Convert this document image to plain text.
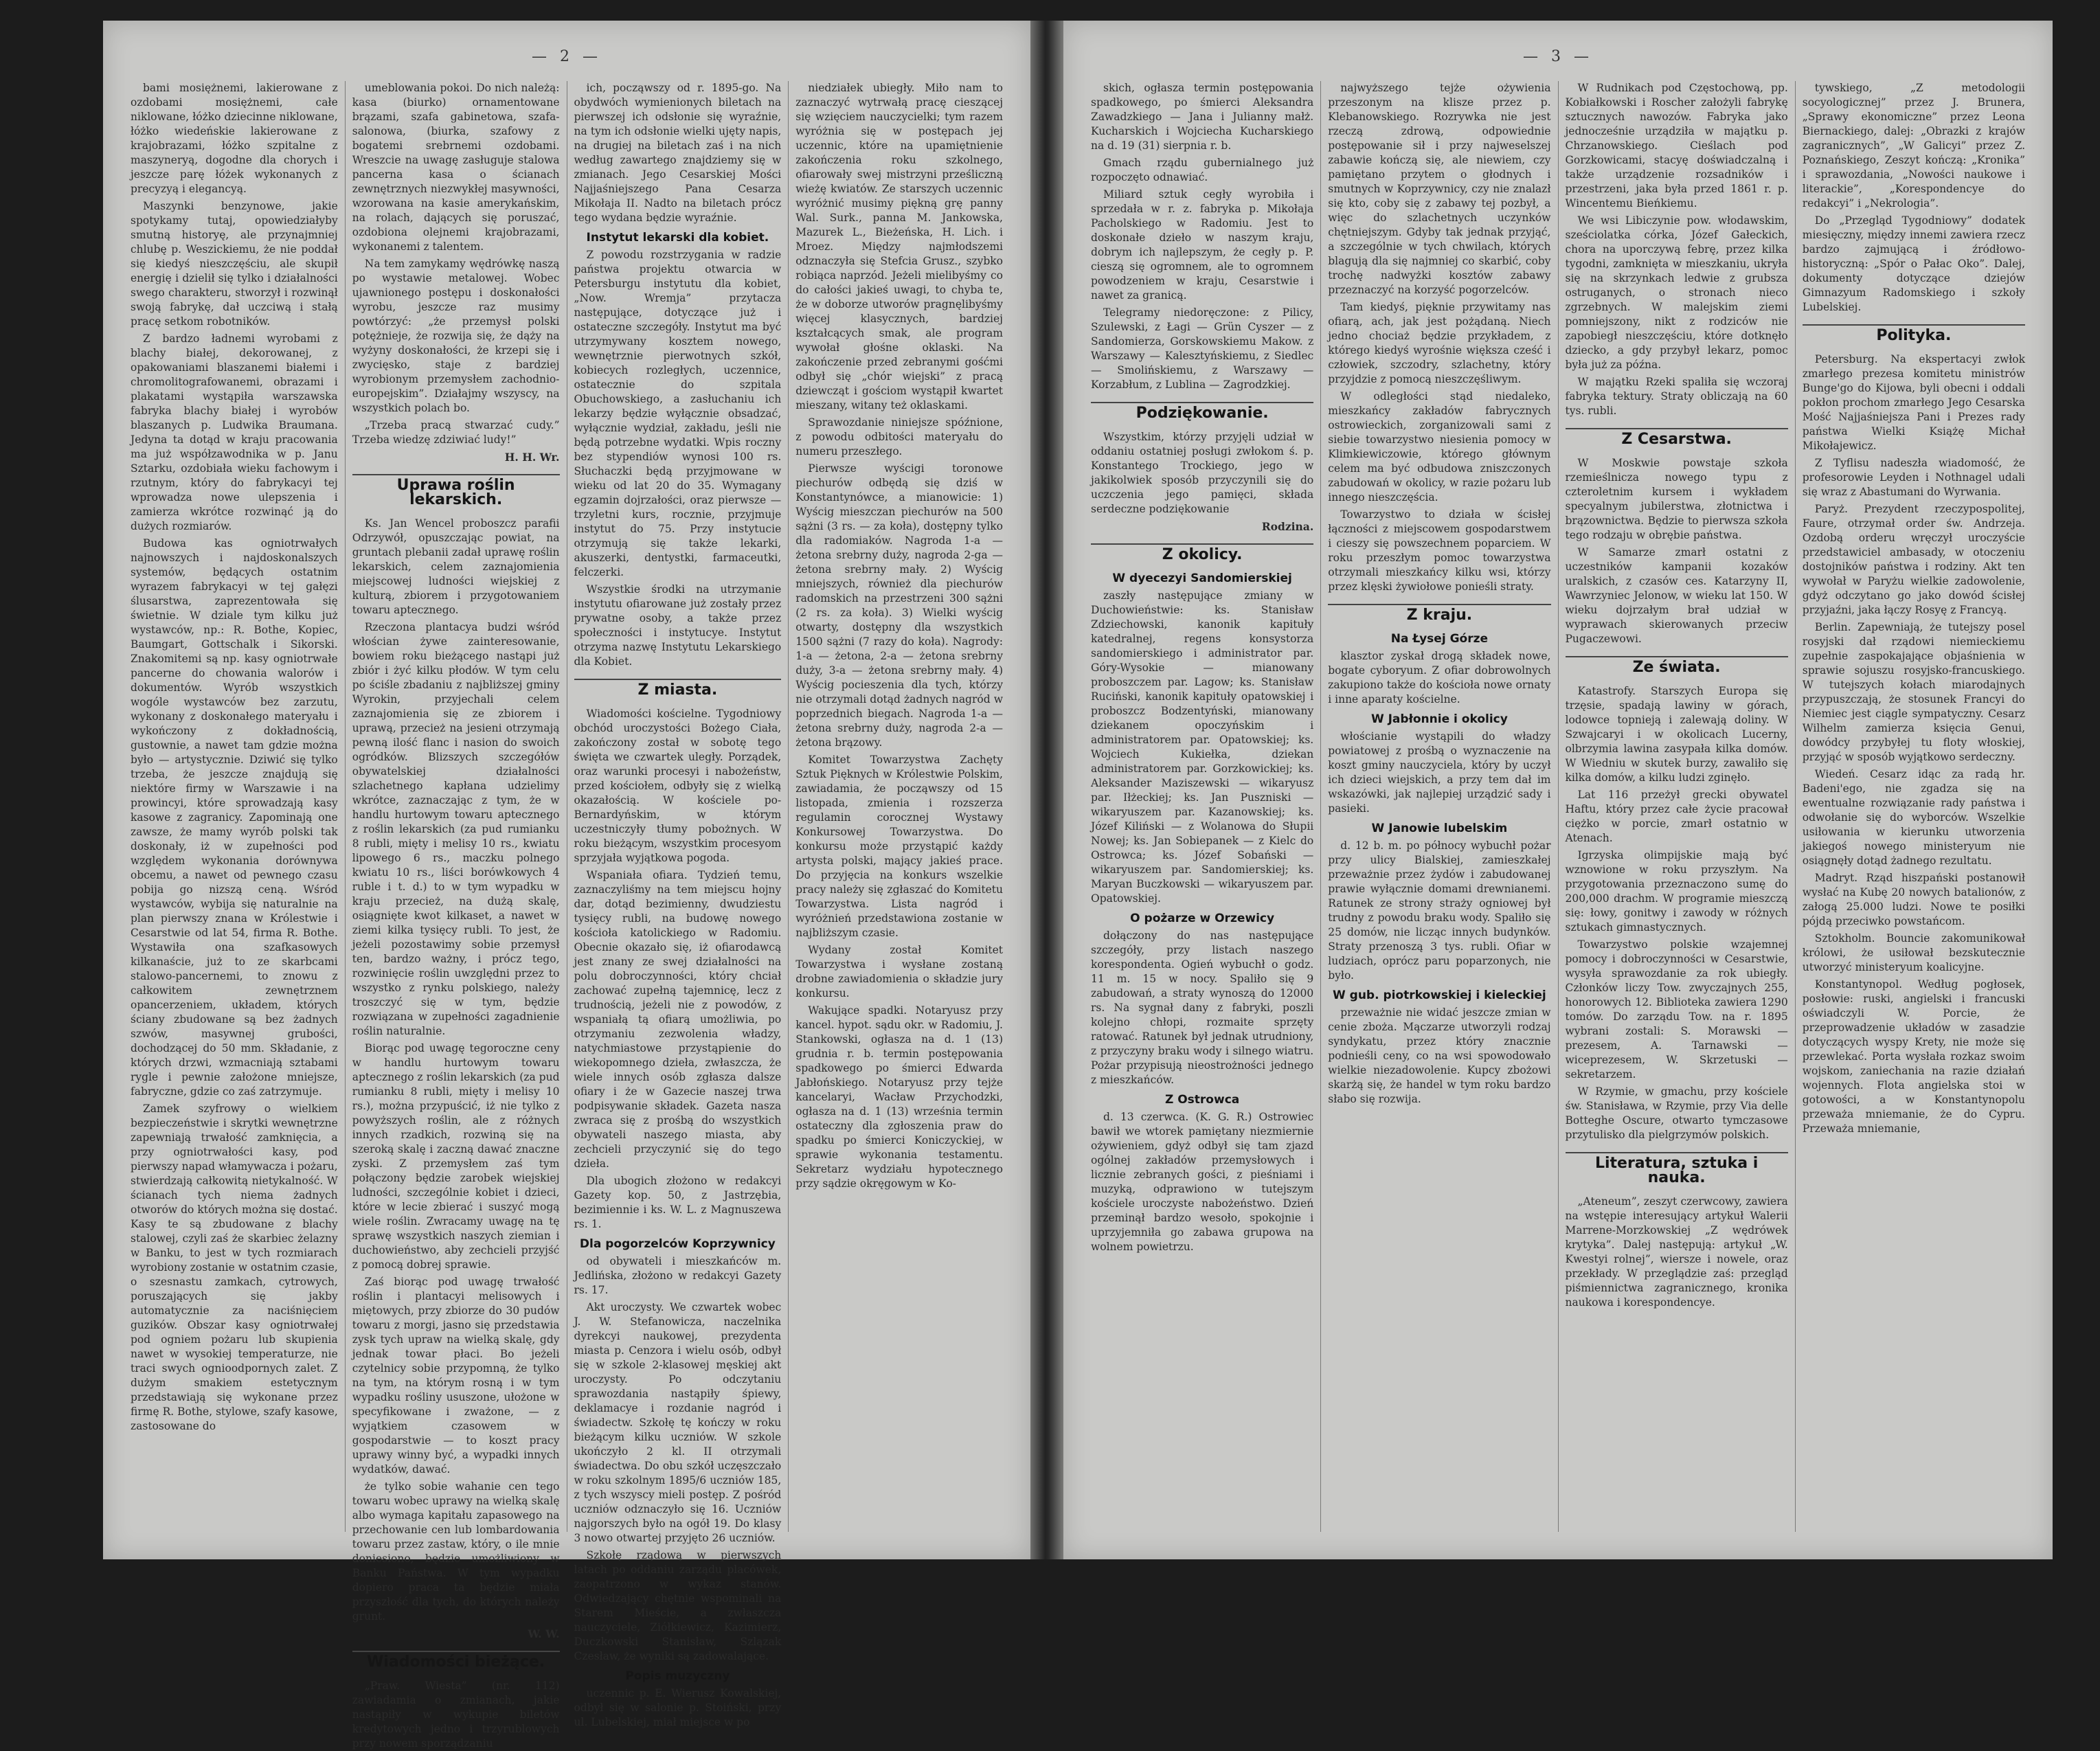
— 2 —

bami mosiężnemi, lakierowane z ozdobami mosiężnemi, całe niklowane, łóżko dziecinne niklowane, łóżko wiedeńskie lakierowane z krajobrazami, łóżko szpitalne z maszyneryą, dogodne dla chorych i jeszcze parę łóżek wykonanych z precyzyą i elegancyą.

Maszynki benzynowe, jakie spotykamy tutaj, opowiedziałyby smutną historyę, ale przynajmniej chlubę p. Weszickiemu, że nie poddał się kiedyś nieszczęściu, ale skupił energię i dzielił się tylko i działalności swego charakteru, stworzył i rozwinął swoją fabrykę, dał uczciwą i stałą pracę setkom robotników.

Z bardzo ładnemi wyrobami z blachy białej, dekorowanej, z opakowaniami blaszanemi białemi i chromolitografowanemi, obrazami i plakatami wystąpiła warszawska fabryka blachy białej i wyrobów blaszanych p. Ludwika Braumana. Jedyna ta dotąd w kraju pracowania ma już współzawodnika w p. Janu Sztarku, ozdobiała wieku fachowym i rzutnym, który do fabrykacyi tej wprowadza nowe ulepszenia i zamierza wkrótce rozwinąć ją do dużych rozmiarów.

Budowa kas ogniotrwałych najnowszych i najdoskonalszych systemów, będących ostatnim wyrazem fabrykacyi w tej gałęzi ślusarstwa, zaprezentowała się świetnie. W dziale tym kilku już wystawców, np.: R. Bothe, Kopiec, Baumgart, Gottschalk i Sikorski. Znakomitemi są np. kasy ogniotrwałe pancerne do chowania walorów i dokumentów. Wyrób wszystkich wogóle wystawców bez zarzutu, wykonany z doskonałego materyału i wykończony z dokładnością, gustownie, a nawet tam gdzie można było — artystycznie. Dziwić się tylko trzeba, że jeszcze znajdują się niektóre firmy w Warszawie i na prowincyi, które sprowadzają kasy kasowe z zagranicy. Zapominają one zawsze, że mamy wyrób polski tak doskonały, iż w zupełności pod względem wykonania dorównywa obcemu, a nawet od pewnego czasu pobija go nizszą ceną. Wśród wystawców, wybija się naturalnie na plan pierwszy znana w Królestwie i Cesarstwie od lat 54, firma R. Bothe. Wystawiła ona szafkasowych kilkanaście, już to ze skarbcami stalowo-pancernemi, to znowu z całkowitem zewnętrznem opancerzeniem, układem, których ściany zbudowane są bez żadnych szwów, masywnej grubości, dochodzącej do 50 mm. Składanie, z których drzwi, wzmacniają sztabami rygle i pewnie założone mniejsze, fabryczne, gdzie co zaś zatrzymuje.

Zamek szyfrowy o wielkiem bezpieczeństwie i skrytki wewnętrzne zapewniają trwałość zamknięcia, a przy ogniotrwałości kasy, pod pierwszy napad włamywacza i pożaru, stwierdzają całkowitą nietykalność. W ścianach tych niema żadnych otworów do których można się dostać. Kasy te są zbudowane z blachy stalowej, czyli zaś że skarbiec żelazny w Banku, to jest w tych rozmiarach wyrobiony zostanie w ostatnim czasie, o szesnastu zamkach, cytrowych, poruszających się jakby automatycznie za naciśnięciem guzików. Obszar kasy ogniotrwałej pod ogniem pożaru lub skupienia nawet w wysokiej temperaturze, nie traci swych ognioodpornych zalet. Z dużym smakiem estetycznym przedstawiają się wykonane przez firmę R. Bothe, stylowe, szafy kasowe, zastosowane do

umeblowania pokoi. Do nich należą: kasa (biurko) ornamentowane brązami, szafa gabinetowa, szafa-salonowa, (biurka, szafowy z bogatemi srebrnemi ozdobami. Wreszcie na uwagę zasługuje stalowa pancerna kasa o ścianach zewnętrznych niezwykłej masywności, wzorowana na kasie amerykańskim, na rolach, dających się poruszać, ozdobiona olejnemi krajobrazami, wykonanemi z talentem.

Na tem zamykamy wędrówkę naszą po wystawie metalowej. Wobec ujawnionego postępu i doskonałości wyrobu, jeszcze raz musimy powtórzyć: „że przemysł polski potężnieje, że rozwija się, że dąży na wyżyny doskonałości, że krzepi się i zwycięsko, staje z bardziej wyrobionym przemysłem zachodnio-europejskim”. Działajmy wszyscy, na wszystkich polach bo.

„Trzeba pracą stwarzać cudy.” Trzeba wiedzę zdziwiać ludy!”

H. H. Wr.

Uprawa roślin lekarskich.

Ks. Jan Wencel proboszcz parafii Odrzywół, opuszczając powiat, na gruntach plebanii zadał uprawę roślin lekarskich, celem zaznajomienia miejscowej ludności wiejskiej z kulturą, zbiorem i przygotowaniem towaru aptecznego.

Rzeczona plantacya budzi wśród włościan żywe zainteresowanie, bowiem roku bieżącego nastąpi już zbiór i żyć kilku płodów. W tym celu po ściśle zbadaniu z najbliższej gminy Wyrokin, przyjechali celem zaznajomienia się ze zbiorem i uprawą, przecież na jesieni otrzymają pewną ilość flanc i nasion do swoich ogródków. Blizszych szczegółów obywatelskiej działalności szlachetnego kapłana udzielimy wkrótce, zaznaczając z tym, że w handlu hurtowym towaru aptecznego z roślin lekarskich (za pud rumianku 8 rubli, mięty i melisy 10 rs., kwiatu lipowego 6 rs., maczku polnego kwiatu 10 rs., liści borówkowych 4 ruble i t. d.) to w tym wypadku w kraju przecież, na dużą skalę, osiągnięte kwot kilkaset, a nawet w ziemi kilka tysięcy rubli. To jest, że jeżeli pozostawimy sobie przemysł ten, bardzo ważny, i prócz tego, rozwinięcie roślin uwzględni przez to wszystko z rynku polskiego, należy troszczyć się w tym, będzie rozwiązana w zupełności zagadnienie roślin naturalnie.

Biorąc pod uwagę tegoroczne ceny w handlu hurtowym towaru aptecznego z roślin lekarskich (za pud rumianku 8 rubli, mięty i melisy 10 rs.), można przypuścić, iż nie tylko z powyższych roślin, ale z różnych innych rzadkich, rozwiną się na szeroką skalę i zaczną dawać znaczne zyski. Z przemysłem zaś tym połączony będzie zarobek wiejskiej ludności, szczególnie kobiet i dzieci, które w lecie zbierać i suszyć mogą wiele roślin. Zwracamy uwagę na tę sprawę wszystkich naszych ziemian i duchowieństwo, aby zechcieli przyjść z pomocą dobrej sprawie.

Zaś biorąc pod uwagę trwałość roślin i plantacyi melisowych i miętowych, przy zbiorze do 30 pudów towaru z morgi, jasno się przedstawia zysk tych upraw na wielką skalę, gdy jednak towar płaci. Bo jeżeli czytelnicy sobie przypomną, że tylko na tym, na którym rosną i w tym wypadku rośliny ususzone, ułożone w specyfikowane i zważone, — z wyjątkiem czasowem w gospodarstwie — to koszt pracy uprawy winny być, a wypadki innych wydatków, dawać.

że tylko sobie wahanie cen tego towaru wobec uprawy na wielką skalę albo wymaga kapitału zapasowego na przechowanie cen lub lombardowania towaru przez zastaw, który, o ile mnie doniesiono, będzie umożliwiony w Banku Państwa. W tym wypadku dopiero praca ta będzie miała przyszłość dla tych, do których należy grunt.

W. W.

Wiadomości bieżące.

„Praw. Wiesta” (nr. 112) zawiadamia o zmianach, jakie nastąpiły w wykupie biletów kredytowych jedno i trzyrublowych przy nowem sporządzaniu

ich, począwszy od r. 1895-go. Na obydwóch wymienionych biletach na pierwszej ich odsłonie się wyraźnie, na tym ich odsłonie wielki ujęty napis, na drugiej na biletach zaś i na nich według zawartego znajdziemy się w zmianach. Jego Cesarskiej Mości Najjaśniejszego Pana Cesarza Mikołaja II. Nadto na biletach prócz tego wydana będzie wyraźnie.

Instytut lekarski dla kobiet.

Z powodu rozstrzygania w radzie państwa projektu otwarcia w Petersburgu instytutu dla kobiet, „Now. Wremja” przytacza następujące, dotyczące już i ostateczne szczegóły. Instytut ma być utrzymywany kosztem nowego, wewnętrznie pierwotnych szkół, kobiecych rozległych, uczennice, ostatecznie do szpitala Obuchowskiego, a zasłuchaniu ich lekarzy będzie wyłącznie obsadzać, wyłącznie wydział, zakładu, jeśli nie będą potrzebne wydatki. Wpis roczny bez stypendiów wynosi 100 rs. Słuchaczki będą przyjmowane w wieku od lat 20 do 35. Wymagany egzamin dojrzałości, oraz pierwsze — trzyletni kurs, rocznie, przyjmuje instytut do 75. Przy instytucie otrzymują się także lekarki, akuszerki, dentystki, farmaceutki, felczerki.

Wszystkie środki na utrzymanie instytutu ofiarowane już zostały przez prywatne osoby, a także przez społeczności i instytucye. Instytut otrzyma nazwę Instytutu Lekarskiego dla Kobiet.

Z miasta.

Wiadomości kościelne. Tygodniowy obchód uroczystości Bożego Ciała, zakończony został w sobotę tego święta we czwartek uległy. Porządek, oraz warunki procesyi i nabożeństw, przed kościołem, odbyły się z wielką okazałością. W kościele po-Bernardyńskim, w którym uczestniczyły tłumy pobożnych. W roku bieżącym, wszystkim procesyom sprzyjała wyjątkowa pogoda.

Wspaniała ofiara. Tydzień temu, zaznaczyliśmy na tem miejscu hojny dar, dotąd bezimienny, dwudziestu tysięcy rubli, na budowę nowego kościoła katolickiego w Radomiu. Obecnie okazało się, iż ofiarodawcą jest znany ze swej działalności na polu dobroczynności, który chciał zachować zupełną tajemnicę, lecz z trudnością, jeżeli nie z powodów, z wspaniałą tą ofiarą umożliwia, po otrzymaniu zezwolenia władzy, natychmiastowe przystąpienie do wiekopomnego dzieła, zwłaszcza, że wiele innych osób zgłasza dalsze ofiary i że w Gazecie naszej trwa podpisywanie składek. Gazeta nasza zwraca się z prośbą do wszystkich obywateli naszego miasta, aby zechcieli przyczynić się do tego dzieła.

Dla ubogich złożono w redakcyi Gazety kop. 50, z Jastrzębia, bezimiennie i ks. W. L. z Magnuszewa rs. 1.

Dla pogorzelców Koprzywnicy

od obywateli i mieszkańców m. Jedlińska, złożono w redakcyi Gazety rs. 17.

Akt uroczysty. We czwartek wobec J. W. Stefanowicza, naczelnika dyrekcyi naukowej, prezydenta miasta p. Cenzora i wielu osób, odbył się w szkole 2-klasowej męskiej akt uroczysty. Po odczytaniu sprawozdania nastąpiły śpiewy, deklamacye i rozdanie nagród i świadectw. Szkołę tę kończy w roku bieżącym kilku uczniów. W szkole ukończyło 2 kl. II otrzymali świadectwa. Do obu szkół uczęszczało w roku szkolnym 1895/6 uczniów 185, z tych wszyscy mieli postęp. Z pośród uczniów odznaczyło się 16. Uczniów najgorszych było na ogół 19. Do klasy 3 nowo otwartej przyjęto 26 uczniów.

Szkołę rządową w pierwszych latach po oddaniu zarządu placówek, zaopatrzono w wykaz stanów. Odwiedzający chętnie wspominali na Starem Mieście, a zwłaszcza nauczyciele, Ziółkiewicz, Kazimierz, Duczkowski Stanisław, Szlązak Czesław, że wyniki są zadowalające.

Popis muzyczny

uczennic p. E. Wierusz Kowalskiej, odbył się w salonie p. Stoiński, przy ul. Lubelskiej, miał miejsce w po

niedziałek ubiegły. Miło nam to zaznaczyć wytrwałą pracę cieszącej się wzięciem nauczycielki; tym razem wyróżnia się w postępach jej uczennic, które na upamiętnienie zakończenia roku szkolnego, ofiarowały swej mistrzyni prześliczną wieżę kwiatów. Ze starszych uczennic wyróżnić musimy piękną grę panny Wal. Surk., panna M. Jankowska, Mazurek L., Bieżeńska, H. Lich. i Mroez. Między najmłodszemi odznaczyła się Stefcia Grusz., szybko robiąca naprzód. Jeżeli mielibyśmy co do całości jakieś uwagi, to chyba te, że w doborze utworów pragnęlibyśmy więcej klasycznych, bardziej kształcących smak, ale program wywołał głośne oklaski. Na zakończenie przed zebranymi gośćmi odbył się „chór wiejski” z pracą dziewcząt i gościom wystąpił kwartet mieszany, witany też oklaskami.

Sprawozdanie niniejsze spóźnione, z powodu odbitości materyału do numeru przeszłego.

Pierwsze wyścigi toronowe piechurów odbędą się dziś w Konstantynówce, a mianowicie: 1) Wyścig mieszczan piechurów na 500 sążni (3 rs. — za koła), dostępny tylko dla radomiaków. Nagroda 1-a — żetona srebrny duży, nagroda 2-ga — żetona srebrny mały. 2) Wyścig mniejszych, również dla piechurów radomskich na przestrzeni 300 sążni (2 rs. za koła). 3) Wielki wyścig otwarty, dostępny dla wszystkich 1500 sążni (7 razy do koła). Nagrody: 1-a — żetona, 2-a — żetona srebrny duży, 3-a — żetona srebrny mały. 4) Wyścig pocieszenia dla tych, którzy nie otrzymali dotąd żadnych nagród w poprzednich biegach. Nagroda 1-a — żetona srebrny duży, nagroda 2-a — żetona brązowy.

Komitet Towarzystwa Zachęty Sztuk Pięknych w Królestwie Polskim, zawiadamia, że począwszy od 15 listopada, zmienia i rozszerza regulamin corocznej Wystawy Konkursowej Towarzystwa. Do konkursu może przystąpić każdy artysta polski, mający jakieś prace. Do przyjęcia na konkurs wszelkie pracy należy się zgłaszać do Komitetu Towarzystwa. Lista nagród i wyróżnień przedstawiona zostanie w najbliższym czasie.

Wydany został Komitet Towarzystwa i wysłane zostaną drobne zawiadomienia o składzie jury konkursu.

Wakujące spadki. Notaryusz przy kancel. hypot. sądu okr. w Radomiu, J. Stankowski, ogłasza na d. 1 (13) grudnia r. b. termin postępowania spadkowego po śmierci Edwarda Jabłońskiego. Notaryusz przy tejże kancelaryi, Wacław Przychodzki, ogłasza na d. 1 (13) września termin ostateczny dla zgłoszenia praw do spadku po śmierci Koniczyckiej, w sprawie wykonania testamentu. Sekretarz wydziału hypotecznego przy sądzie okręgowym w Ko-

— 3 —

skich, ogłasza termin postępowania spadkowego, po śmierci Aleksandra Zawadzkiego — Jana i Julianny małż. Kucharskich i Wojciecha Kucharskiego na d. 19 (31) sierpnia r. b.

Gmach rządu gubernialnego już rozpoczęto odnawiać.

Miliard sztuk cegły wyrobiła i sprzedała w r. z. fabryka p. Mikołaja Pacholskiego w Radomiu. Jest to doskonałe dzieło w naszym kraju, dobrym ich najlepszym, że cegły p. P. cieszą się ogromnem, ale to ogromnem powodzeniem w kraju, Cesarstwie i nawet za granicą.

Telegramy niedoręczone: z Pilicy, Szulewski, z Łagi — Grün Cyszer — z Sandomierza, Gorskowskiemu Makow. z Warszawy — Kalesztyńskiemu, z Siedlec — Smolińskiemu, z Warszawy — Korzabłum, z Lublina — Zagrodzkiej.

Podziękowanie.

Wszystkim, którzy przyjęli udział w oddaniu ostatniej posługi zwłokom ś. p. Konstantego Trockiego, jego w jakikolwiek sposób przyczynili się do uczczenia jego pamięci, składa serdeczne podziękowanie

Rodzina.

Z okolicy.
W dyecezyi Sandomierskiej

zaszły następujące zmiany w Duchowieństwie: ks. Stanisław Zdziechowski, kanonik kapituły katedralnej, regens konsystorza sandomierskiego i administrator par. Góry-Wysokie — mianowany proboszczem par. Lagow; ks. Stanisław Ruciński, kanonik kapituły opatowskiej i proboszcz Bodzentyński, mianowany dziekanem opoczyńskim i administratorem par. Opatowskiej; ks. Wojciech Kukiełka, dziekan administratorem par. Gorzkowickiej; ks. Aleksander Maziszewski — wikaryusz par. Iłżeckiej; ks. Jan Puszniski — wikaryuszem par. Kazanowskiej; ks. Józef Kiliński — z Wolanowa do Słupii Nowej; ks. Jan Sobiepanek — z Kielc do Ostrowca; ks. Józef Sobański — wikaryuszem par. Sandomierskiej; ks. Maryan Buczkowski — wikaryuszem par. Opatowskiej.

O pożarze w Orzewicy

dołączony do nas następujące szczegóły, przy listach naszego korespondenta. Ogień wybuchł o godz. 11 m. 15 w nocy. Spaliło się 9 zabudowań, a straty wynoszą do 12000 rs. Na sygnał dany z fabryki, poszli kolejno chłopi, rozmaite sprzęty ratować. Ratunek był jednak utrudniony, z przyczyny braku wody i silnego wiatru. Pożar przypisują nieostrożności jednego z mieszkańców.

Z Ostrowca

d. 13 czerwca. (K. G. R.) Ostrowiec bawił we wtorek pamiętany niezmiernie ożywieniem, gdyż odbył się tam zjazd ogólnej zakładów przemysłowych i licznie zebranych gości, z pieśniami i muzyką, odprawiono w tutejszym kościele uroczyste nabożeństwo. Dzień przeminął bardzo wesoło, spokojnie i uprzyjemniła go zabawa grupowa na wolnem powietrzu.

najwyższego tejże ożywienia przeszonym na klisze przez p. Klebanowskiego. Rozrywka nie jest rzeczą zdrową, odpowiednie postępowanie sił i przy najweselszej zabawie kończą się, ale niewiem, czy pamiętano przytem o głodnych i smutnych w Koprzywnicy, czy nie znalazł się kto, coby się z zabawy tej pozbył, a więc do szlachetnych uczynków chętniejszym. Gdyby tak jednak przyjąć, a szczególnie w tych chwilach, których blagują dla się najmniej co skarbić, coby trochę nadwyżki kosztów zabawy przeznaczyć na korzyść pogorzelców.

Tam kiedyś, pięknie przywitamy nas ofiarą, ach, jak jest pożądaną. Niech jedno chociaż będzie przykładem, z którego kiedyś wyrośnie większa cześć i człowiek, szczodry, szlachetny, który przyjdzie z pomocą nieszczęśliwym.

W odległości stąd niedaleko, mieszkańcy zakładów fabrycznych ostrowieckich, zorganizowali sami z siebie towarzystwo niesienia pomocy w Klimkiewiczowie, którego głównym celem ma być odbudowa zniszczonych zabudowań w okolicy, w razie pożaru lub innego nieszczęścia.

Towarzystwo to działa w ścisłej łączności z miejscowem gospodarstwem i cieszy się powszechnem poparciem. W roku przeszłym pomoc towarzystwa otrzymali mieszkańcy kilku wsi, którzy przez klęski żywiołowe ponieśli straty.

Z kraju.
Na Łysej Górze

klasztor zyskał drogą składek nowe, bogate cyboryum. Z ofiar dobrowolnych zakupiono także do kościoła nowe ornaty i inne aparaty kościelne.

W Jabłonnie i okolicy

włościanie wystąpili do władzy powiatowej z prośbą o wyznaczenie na koszt gminy nauczyciela, który by uczył ich dzieci wiejskich, a przy tem dał im wskazówki, jak najlepiej urządzić sady i pasieki.

W Janowie lubelskim

d. 12 b. m. po północy wybuchł pożar przy ulicy Bialskiej, zamieszkałej przeważnie przez żydów i zabudowanej prawie wyłącznie domami drewnianemi. Ratunek ze strony straży ogniowej był trudny z powodu braku wody. Spaliło się 25 domów, nie licząc innych budynków. Straty przenoszą 3 tys. rubli. Ofiar w ludziach, oprócz paru poparzonych, nie było.

W gub. piotrkowskiej i kieleckiej

przeważnie nie widać jeszcze zmian w cenie zboża. Mączarze utworzyli rodzaj syndykatu, przez który znacznie podnieśli ceny, co na wsi spowodowało wielkie niezadowolenie. Kupcy zbożowi skarżą się, że handel w tym roku bardzo słabo się rozwija.

W Rudnikach pod Częstochową, pp. Kobiałkowski i Roscher założyli fabrykę sztucznych nawozów. Fabryka jako jednocześnie urządziła w majątku p. Chrzanowskiego. Cieślach pod Gorzkowicami, stacyę doświadczalną i także urządzenie rozsadników i przestrzeni, jaka była przed 1861 r. p. Wincentemu Bieńkiemu.

We wsi Libiczynie pow. włodawskim, sześciolatka córka, Józef Gałeckich, chora na uporczywą febrę, przez kilka tygodni, zamknięta w mieszkaniu, ukryła się na skrzynkach ledwie z grubsza ostruganych, o stronach nieco zgrzebnych. W malejskim ziemi pomniejszony, nikt z rodziców nie zapobiegł nieszczęściu, które dotknęło dziecko, a gdy przybył lekarz, pomoc była już za późna.

W majątku Rzeki spaliła się wczoraj fabryka tektury. Straty obliczają na 60 tys. rubli.

Z Cesarstwa.

W Moskwie powstaje szkoła rzemieślnicza nowego typu z czteroletnim kursem i wykładem specyalnym jubilerstwa, złotnictwa i brązownictwa. Będzie to pierwsza szkoła tego rodzaju w obrębie państwa.

W Samarze zmarł ostatni z uczestników kampanii kozaków uralskich, z czasów ces. Katarzyny II, Wawrzyniec Jelonow, w wieku lat 150. W wieku dojrzałym brał udział w wyprawach skierowanych przeciw Pugaczewowi.

Ze świata.

Katastrofy. Starszych Europa się trzęsie, spadają lawiny w górach, lodowce topnieją i zalewają doliny. W Szwajcaryi i w okolicach Lucerny, olbrzymia lawina zasypała kilka domów. W Wiedniu w skutek burzy, zawaliło się kilka domów, a kilku ludzi zginęło.

Lat 116 przeżył grecki obywatel Haftu, który przez całe życie pracował ciężko w porcie, zmarł ostatnio w Atenach.

Igrzyska olimpijskie mają być wznowione w roku przyszłym. Na przygotowania przeznaczono sumę do 200,000 drachm. W programie mieszczą się: łowy, gonitwy i zawody w różnych sztukach gimnastycznych.

Towarzystwo polskie wzajemnej pomocy i dobroczynności w Cesarstwie, wysyła sprawozdanie za rok ubiegły. Członków liczy Tow. zwyczajnych 255, honorowych 12. Biblioteka zawiera 1290 tomów. Do zarządu Tow. na r. 1895 wybrani zostali: S. Morawski — prezesem, A. Tarnawski — wiceprezesem, W. Skrzetuski — sekretarzem.

W Rzymie, w gmachu, przy kościele św. Stanisława, w Rzymie, przy Via delle Botteghe Oscure, otwarto tymczasowe przytulisko dla pielgrzymów polskich.

Literatura, sztuka i nauka.

„Ateneum”, zeszyt czerwcowy, zawiera na wstępie interesujący artykuł Walerii Marrene-Morzkowskiej „Z wędrówek krytyka”. Dalej następują: artykuł „W. Kwestyi rolnej”, wiersze i nowele, oraz przekłady. W przeglądzie zaś: przegląd piśmiennictwa zagranicznego, kronika naukowa i korespondencye.

tywskiego, „Z metodologii socyologicznej” przez J. Brunera, „Sprawy ekonomiczne” przez Leona Biernackiego, dalej: „Obrazki z krajów zagranicznych”, „W Galicyi” przez Z. Poznańskiego, Zeszyt kończą: „Kronika” i sprawozdania, „Nowości naukowe i literackie”, „Korespondencye do redakcyi” i „Nekrologia”.

Do „Przegląd Tygodniowy” dodatek miesięczny, między innemi zawiera rzecz bardzo zajmującą i źródłowo-historyczną: „Spór o Pałac Oko”. Dalej, dokumenty dotyczące dziejów Gimnazyum Radomskiego i szkoły Lubelskiej.

Polityka.

Petersburg. Na ekspertacyi zwłok zmarłego prezesa komitetu ministrów Bunge'go do Kijowa, byli obecni i oddali pokłon prochom zmarłego Jego Cesarska Mość Najjaśniejsza Pani i Prezes rady państwa Wielki Książę Michał Mikołajewicz.

Z Tyflisu nadeszła wiadomość, że profesorowie Leyden i Nothnagel udali się wraz z Abastumani do Wyrwania.

Paryż. Prezydent rzeczypospolitej, Faure, otrzymał order św. Andrzeja. Ozdobą orderu wręczył uroczyście przedstawiciel ambasady, w otoczeniu dostojników państwa i rodziny. Akt ten wywołał w Paryżu wielkie zadowolenie, gdyż odczytano go jako dowód ścisłej przyjaźni, jaka łączy Rosyę z Francyą.

Berlin. Zapewniają, że tutejszy posel rosyjski dał rządowi niemieckiemu zupełnie zaspokajające objaśnienia w sprawie sojuszu rosyjsko-francuskiego. W tutejszych kołach miarodajnych przypuszczają, że stosunek Francyi do Niemiec jest ciągle sympatyczny. Cesarz Wilhelm zamierza księcia Genui, dowódcy przybyłej tu floty włoskiej, przyjąć w sposób wyjątkowo serdeczny.

Wiedeń. Cesarz idąc za radą hr. Badeni'ego, nie zgadza się na ewentualne rozwiązanie rady państwa i odwołanie się do wyborców. Wszelkie usiłowania w kierunku utworzenia jakiegoś nowego ministeryum nie osiągnęły dotąd żadnego rezultatu.

Madryt. Rząd hiszpański postanowił wysłać na Kubę 20 nowych batalionów, z załogą 25.000 ludzi. Nowe te posiłki pójdą przeciwko powstańcom.

Sztokholm. Bouncie zakomunikował królowi, że usiłował bezskutecznie utworzyć ministeryum koalicyjne.

Konstantynopol. Według pogłosek, posłowie: ruski, angielski i francuski oświadczyli W. Porcie, że przeprowadzenie układów w zasadzie dotyczących wyspy Krety, nie może się przewlekać. Porta wysłała rozkaz swoim wojskom, zaniechania na razie działań wojennych. Flota angielska stoi w gotowości, a w Konstantynopolu przeważa mniemanie, że do Cypru. Przeważa mniemanie,
